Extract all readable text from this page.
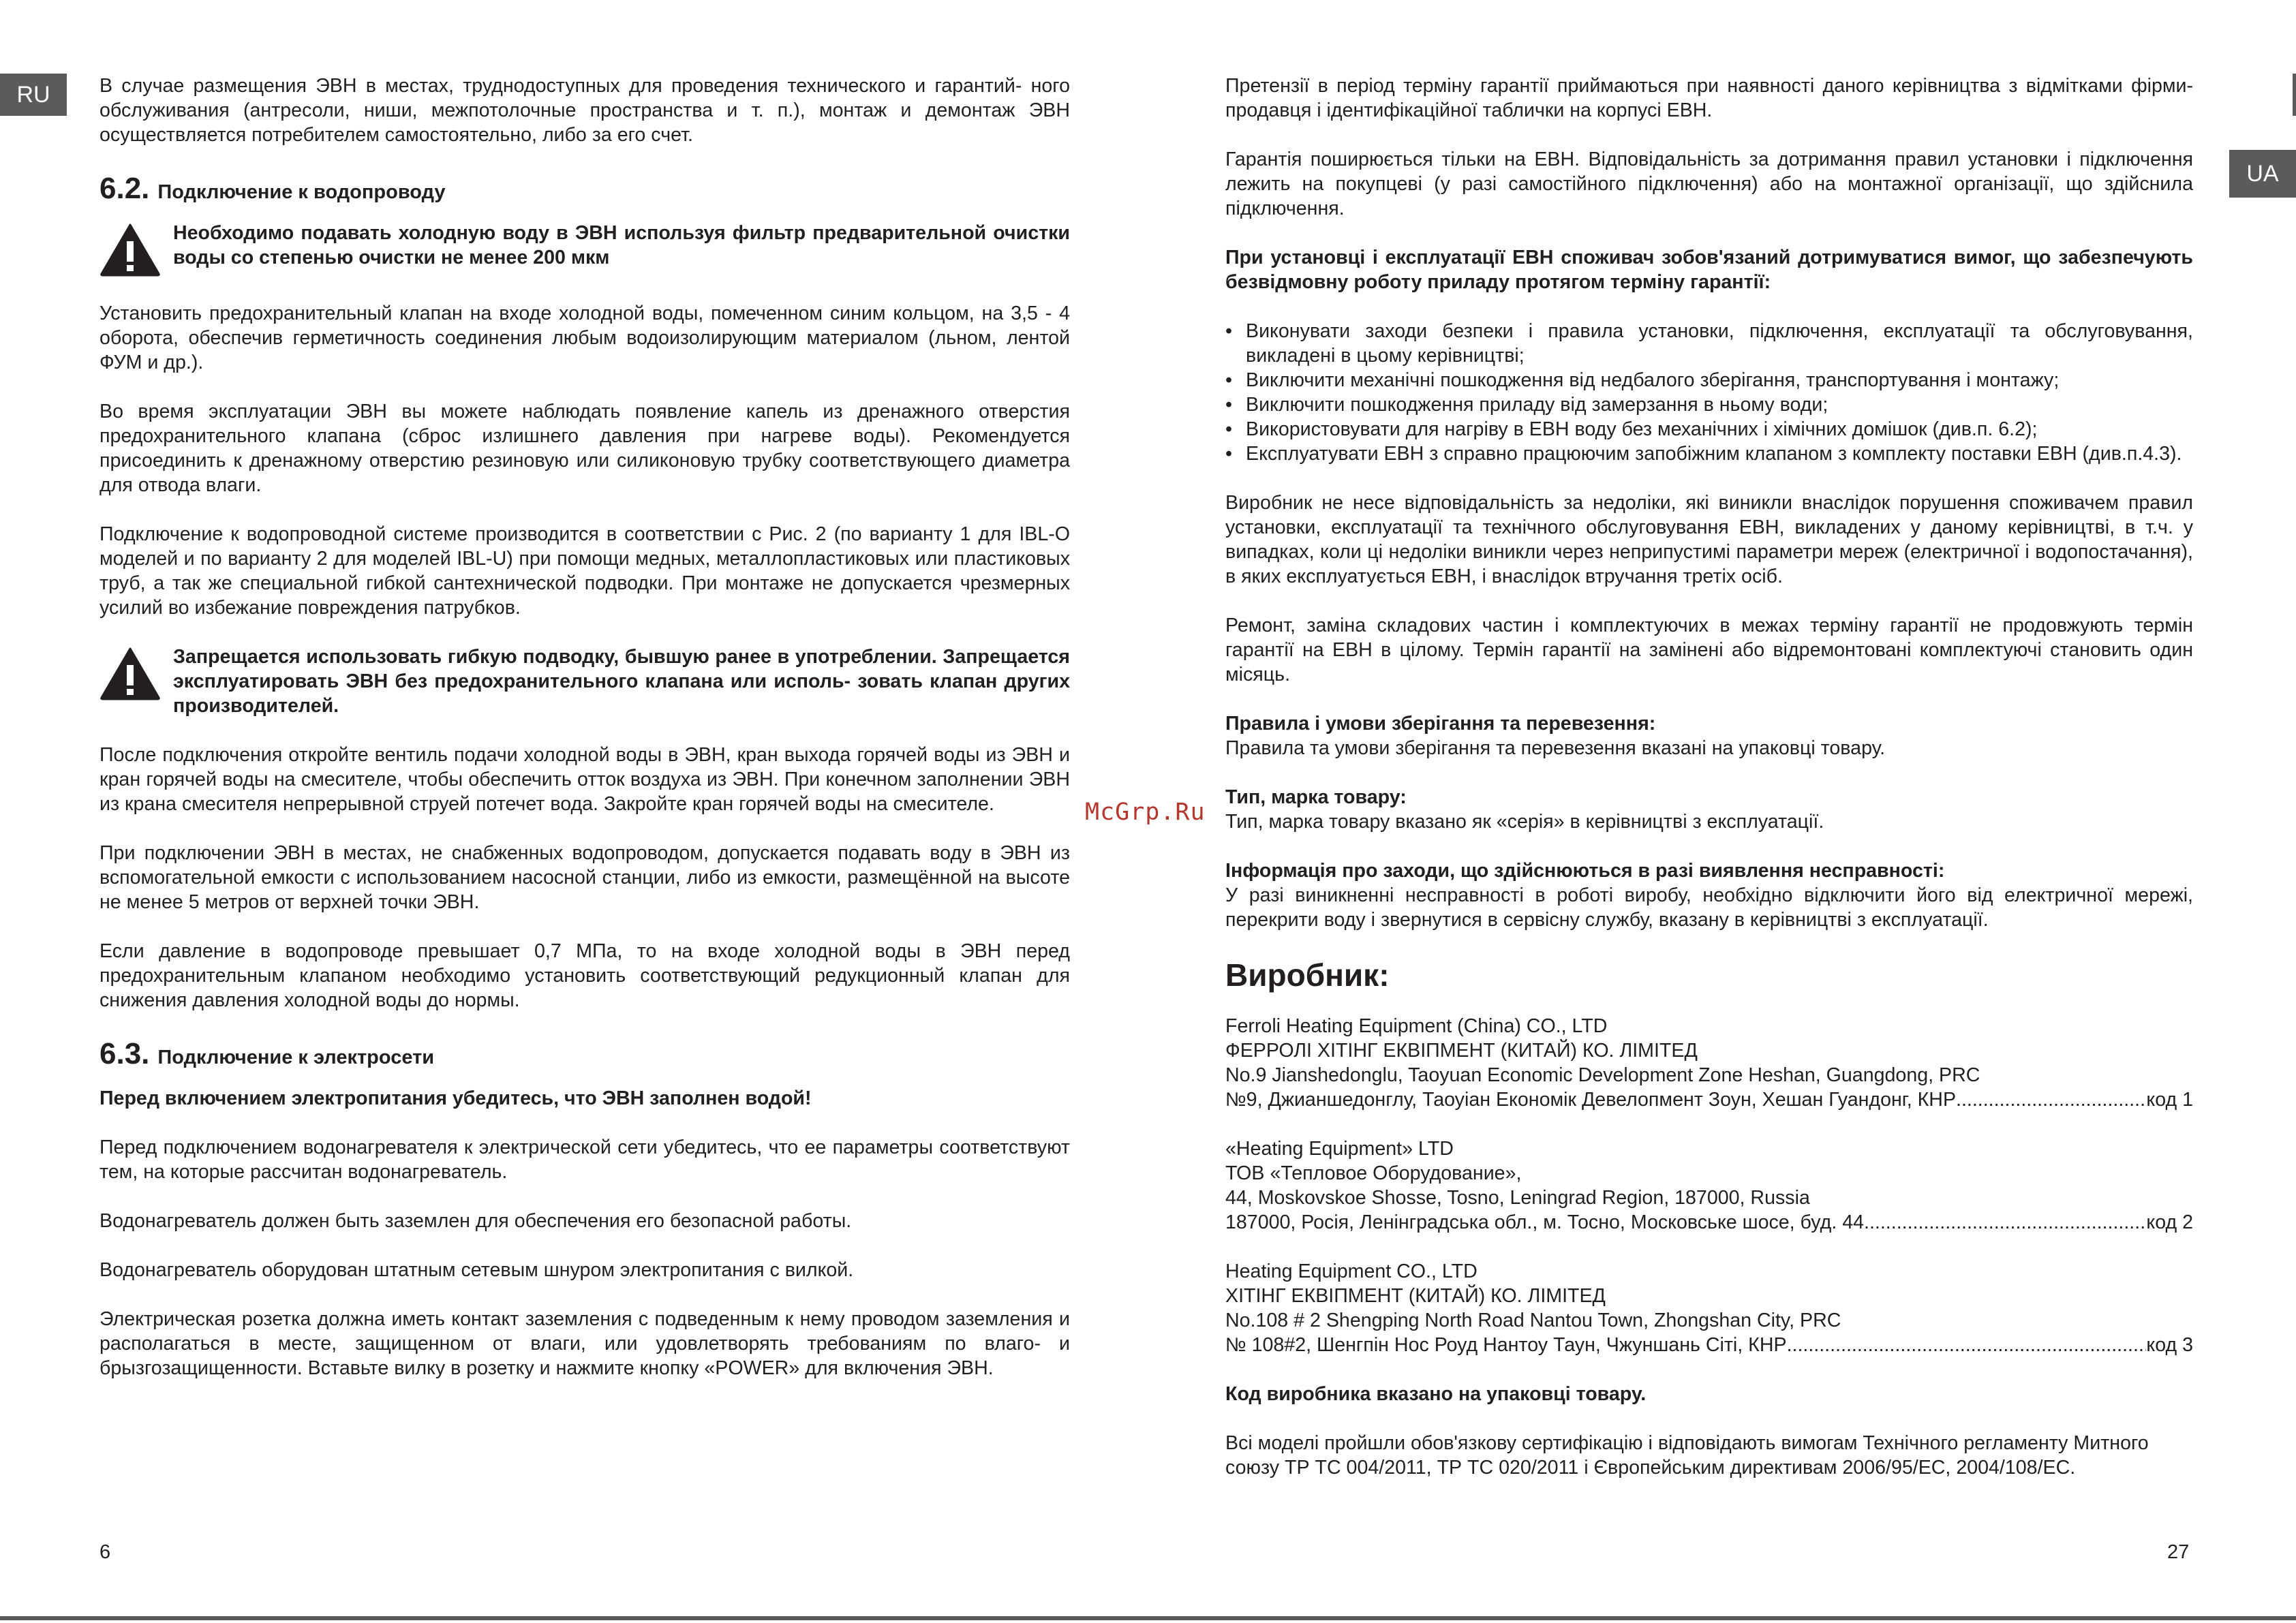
RU
UA

В случае размещения ЭВН в местах, труднодоступных для проведения технического и гарантий- ного обслуживания (антресоли, ниши, межпотолочные пространства и т. п.), монтаж и демонтаж ЭВН осуществляется потребителем самостоятельно, либо за его счет.

6.2. Подключение к водопроводу
Необходимо подавать холодную воду в ЭВН используя фильтр предварительной очистки воды со степенью очистки не менее 200 мкм

Установить предохранительный клапан на входе холодной воды, помеченном синим кольцом, на 3,5 - 4 оборота, обеспечив герметичность соединения любым водоизолирующим материалом (льном, лентой ФУМ и др.).

Во время эксплуатации ЭВН вы можете наблюдать появление капель из дренажного отверстия предохранительного клапана (сброс излишнего давления при нагреве воды). Рекомендуется присоединить к дренажному отверстию резиновую или силиконовую трубку соответствующего диаметра для отвода влаги.

Подключение к водопроводной системе производится в соответствии с Рис. 2 (по варианту 1 для IBL-O моделей и по варианту 2 для моделей IBL-U) при помощи медных, металлопластиковых или пластиковых труб, а так же специальной гибкой сантехнической подводки. При монтаже не допускается чрезмерных усилий во избежание повреждения патрубков.

Запрещается использовать гибкую подводку, бывшую ранее в употреблении. Запрещается эксплуатировать ЭВН без предохранительного клапана или исполь- зовать клапан других производителей.

После подключения откройте вентиль подачи холодной воды в ЭВН, кран выхода горячей воды из ЭВН и кран горячей воды на смесителе, чтобы обеспечить отток воздуха из ЭВН. При конечном заполнении ЭВН из крана смесителя непрерывной струей потечет вода. Закройте кран горячей воды на смесителе.

При подключении ЭВН в местах, не снабженных водопроводом, допускается подавать воду в ЭВН из вспомогательной емкости с использованием насосной станции, либо из емкости, размещённой на высоте не менее 5 метров от верхней точки ЭВН.

Если давление в водопроводе превышает 0,7 МПа, то на входе холодной воды в ЭВН перед предохранительным клапаном необходимо установить соответствующий редукционный клапан для снижения давления холодной воды до нормы.

6.3. Подключение к электросети

Перед включением электропитания убедитесь, что ЭВН заполнен водой!

Перед подключением водонагревателя к электрической сети убедитесь, что ее параметры соответствуют тем, на которые рассчитан водонагреватель.

Водонагреватель должен быть заземлен для обеспечения его безопасной работы.

Водонагреватель оборудован штатным сетевым шнуром электропитания с вилкой.

Электрическая розетка должна иметь контакт заземления с подведенным к нему проводом заземления и располагаться в месте, защищенном от влаги, или удовлетворять требованиям по влаго- и брызгозащищенности. Вставьте вилку в розетку и нажмите кнопку «POWER» для включения ЭВН.

McGrp.Ru

Претензії в період терміну гарантії приймаються при наявності даного керівництва з відмітками фірми-продавця і ідентифікаційної таблички на корпусі ЕВН.

Гарантія поширюється тільки на ЕВН. Відповідальність за дотримання правил установки і підключення лежить на покупцеві (у разі самостійного підключення) або на монтажної організації, що здійснила підключення.

При установці і експлуатації ЕВН споживач зобов'язаний дотримуватися вимог, що забезпечують безвідмовну роботу приладу протягом терміну гарантії:

• Виконувати заходи безпеки і правила установки, підключення, експлуатації та обслуговування, викладені в цьому керівництві;
• Виключити механічні пошкодження від недбалого зберігання, транспортування і монтажу;
• Виключити пошкодження приладу від замерзання в ньому води;
• Використовувати для нагріву в ЕВН воду без механічних і хімічних домішок (див.п. 6.2);
• Експлуатувати ЕВН з справно працюючим запобіжним клапаном з комплекту поставки ЕВН (див.п.4.3).

Виробник не несе відповідальність за недоліки, які виникли внаслідок порушення споживачем правил установки, експлуатації та технічного обслуговування ЕВН, викладених у даному керівництві, в т.ч. у випадках, коли ці недоліки виникли через неприпустимі параметри мереж (електричної і водопостачання), в яких експлуатується ЕВН, і внаслідок втручання третіх осіб.

Ремонт, заміна складових частин і комплектуючих в межах терміну гарантії не продовжують термін гарантії на ЕВН в цілому. Термін гарантії на замінені або відремонтовані комплектуючі становить один місяць.

Правила і умови зберігання та перевезення:
Правила та умови зберігання та перевезення вказані на упаковці товару.

Тип, марка товару:
Тип, марка товару вказано як «серія» в керівництві з експлуатації.

Інформація про заходи, що здійснюються в разі виявлення несправності:
У разі виникненні несправності в роботі виробу, необхідно відключити його від електричної мережі, перекрити воду і звернутися в сервісну службу, вказану в керівництві з експлуатації.

Виробник:
Ferroli Heating Equipment (China) CO., LTD
ФЕРРОЛІ ХІТІНГ ЕКВІПМЕНТ (КИТАЙ) КО. ЛІМІТЕД
No.9 Jianshedonglu, Taoyuan Economic Development Zone Heshan, Guangdong, PRC
№9, Джианшедонглу, Таоуіан Економік Девелопмент Зоун, Хешан Гуандонг, КНР .....	код 1
«Heating Equipment» LTD
ТОВ «Тепловое Оборудование»,
44, Moskovskoe Shosse, Tosno, Leningrad Region, 187000, Russia
187000, Росія, Ленінградська обл., м. Тосно, Московське шосе, буд. 44 .....	код 2
Heating Equipment CO., LTD
ХІТІНГ ЕКВІПМЕНТ (КИТАЙ) КО. ЛІМІТЕД
No.108 # 2 Shengping North Road Nantou Town, Zhongshan City, PRC
№ 108#2, Шенгпін Нос Роуд Нантоу Таун, Чжуншань Сіті, КНР .....	код 3

Код виробника вказано на упаковці товару.

Всі моделі пройшли обов'язкову сертифікацію і відповідають вимогам Технічного регламенту Митного союзу ТР ТС 004/2011, ТР ТС 020/2011 і Європейським директивам 2006/95/ЕС, 2004/108/ЕС.

6	27
